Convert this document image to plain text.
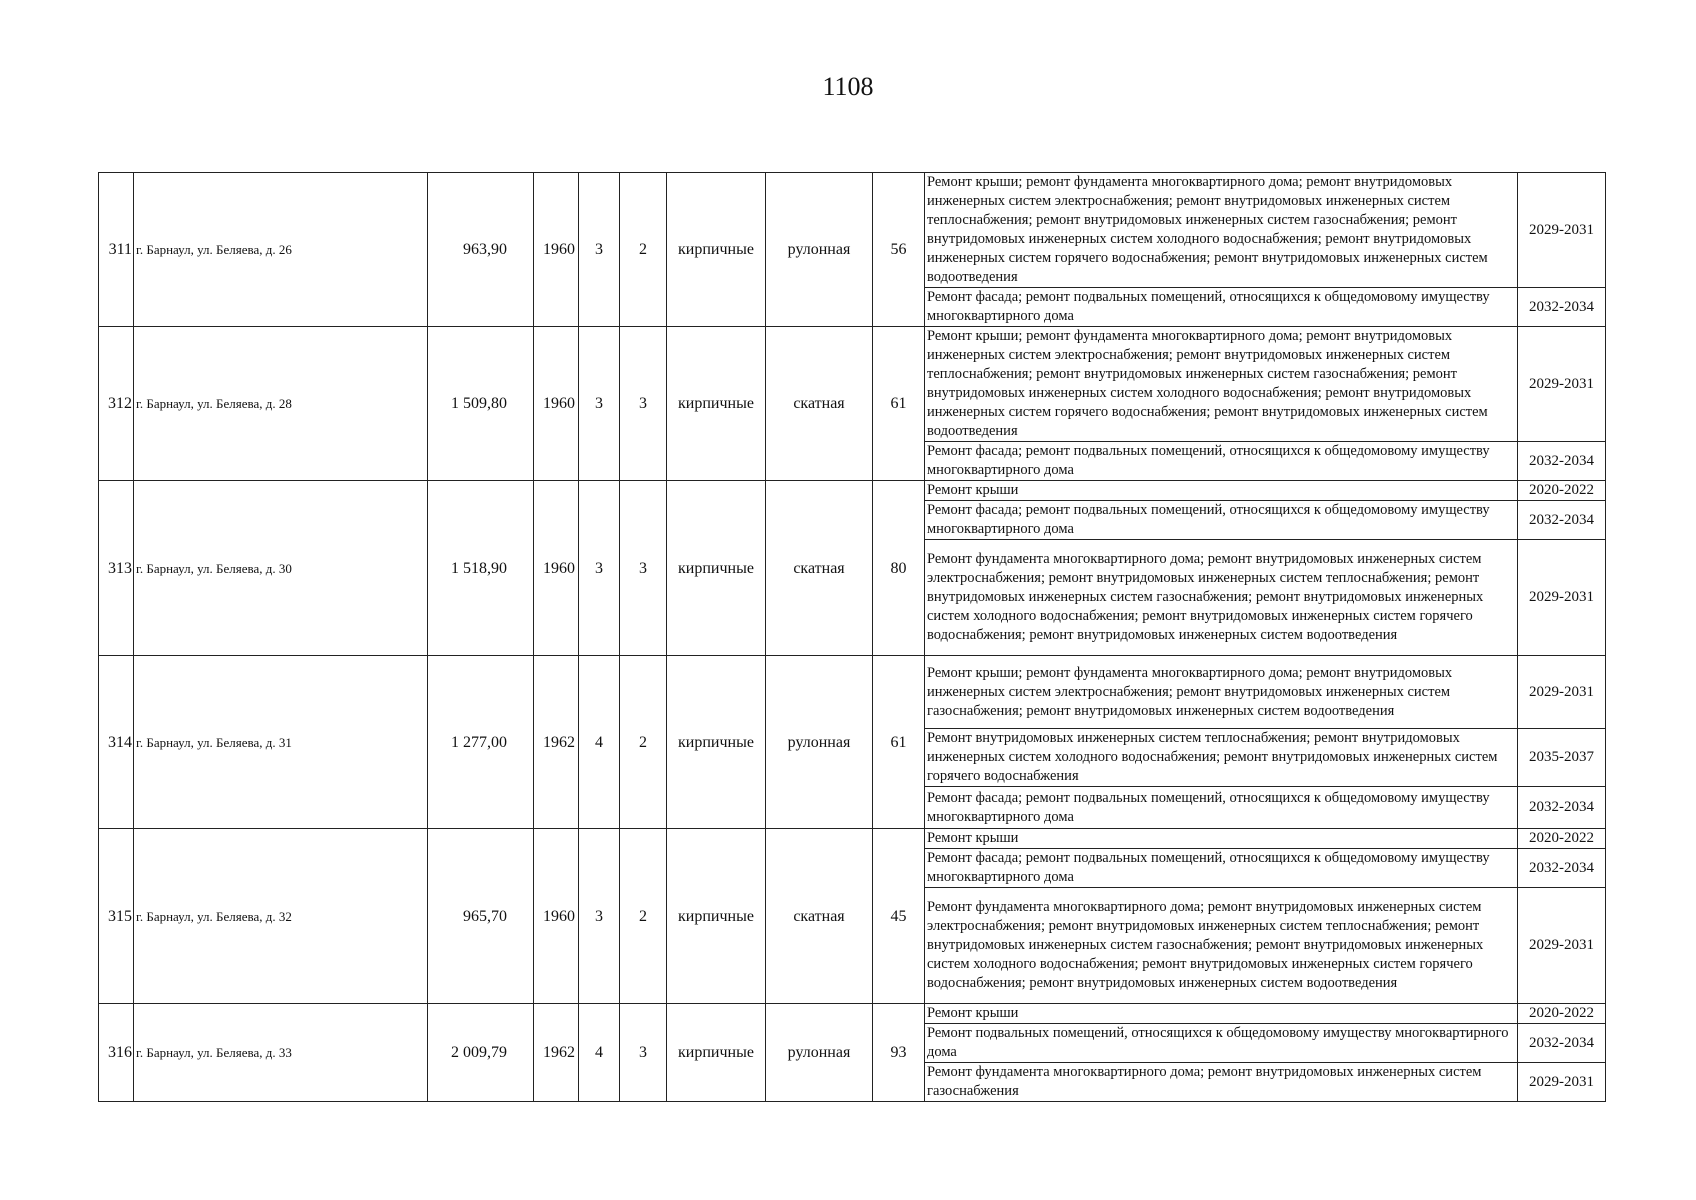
1108
311	г. Барнаул, ул. Беляева, д. 26	963,90	1960	3	2	кирпичные	рулонная	56	Ремонт крыши; ремонт фундамента многоквартирного дома; ремонт внутридомовых инженерных систем электроснабжения; ремонт внутридомовых инженерных систем теплоснабжения; ремонт внутридомовых инженерных систем газоснабжения; ремонт внутридомовых инженерных систем холодного водоснабжения; ремонт внутридомовых инженерных систем горячего водоснабжения; ремонт внутридомовых инженерных систем водоотведения	2029-2031
									Ремонт фасада; ремонт подвальных помещений, относящихся к общедомовому имуществу многоквартирного дома	2032-2034
312	г. Барнаул, ул. Беляева, д. 28	1 509,80	1960	3	3	кирпичные	скатная	61	Ремонт крыши; ремонт фундамента многоквартирного дома; ремонт внутридомовых инженерных систем электроснабжения; ремонт внутридомовых инженерных систем теплоснабжения; ремонт внутридомовых инженерных систем газоснабжения; ремонт внутридомовых инженерных систем холодного водоснабжения; ремонт внутридомовых инженерных систем горячего водоснабжения; ремонт внутридомовых инженерных систем водоотведения	2029-2031
									Ремонт фасада; ремонт подвальных помещений, относящихся к общедомовому имуществу многоквартирного дома	2032-2034
313	г. Барнаул, ул. Беляева, д. 30	1 518,90	1960	3	3	кирпичные	скатная	80	Ремонт крыши	2020-2022
									Ремонт фасада; ремонт подвальных помещений, относящихся к общедомовому имуществу многоквартирного дома	2032-2034
									Ремонт фундамента многоквартирного дома; ремонт внутридомовых инженерных систем электроснабжения; ремонт внутридомовых инженерных систем теплоснабжения; ремонт внутридомовых инженерных систем газоснабжения; ремонт внутридомовых инженерных систем холодного водоснабжения; ремонт внутридомовых инженерных систем горячего водоснабжения; ремонт внутридомовых инженерных систем водоотведения	2029-2031
314	г. Барнаул, ул. Беляева, д. 31	1 277,00	1962	4	2	кирпичные	рулонная	61	Ремонт крыши; ремонт фундамента многоквартирного дома; ремонт внутридомовых инженерных систем электроснабжения; ремонт внутридомовых инженерных систем газоснабжения; ремонт внутридомовых инженерных систем водоотведения	2029-2031
									Ремонт внутридомовых инженерных систем теплоснабжения; ремонт внутридомовых инженерных систем холодного водоснабжения; ремонт внутридомовых инженерных систем горячего водоснабжения	2035-2037
									Ремонт фасада; ремонт подвальных помещений, относящихся к общедомовому имуществу многоквартирного дома	2032-2034
315	г. Барнаул, ул. Беляева, д. 32	965,70	1960	3	2	кирпичные	скатная	45	Ремонт крыши	2020-2022
									Ремонт фасада; ремонт подвальных помещений, относящихся к общедомовому имуществу многоквартирного дома	2032-2034
									Ремонт фундамента многоквартирного дома; ремонт внутридомовых инженерных систем электроснабжения; ремонт внутридомовых инженерных систем теплоснабжения; ремонт внутридомовых инженерных систем газоснабжения; ремонт внутридомовых инженерных систем холодного водоснабжения; ремонт внутридомовых инженерных систем горячего водоснабжения; ремонт внутридомовых инженерных систем водоотведения	2029-2031
316	г. Барнаул, ул. Беляева, д. 33	2 009,79	1962	4	3	кирпичные	рулонная	93	Ремонт крыши	2020-2022
									Ремонт подвальных помещений, относящихся к общедомовому имуществу многоквартирного дома	2032-2034
									Ремонт фундамента многоквартирного дома; ремонт внутридомовых инженерных систем газоснабжения	2029-2031
